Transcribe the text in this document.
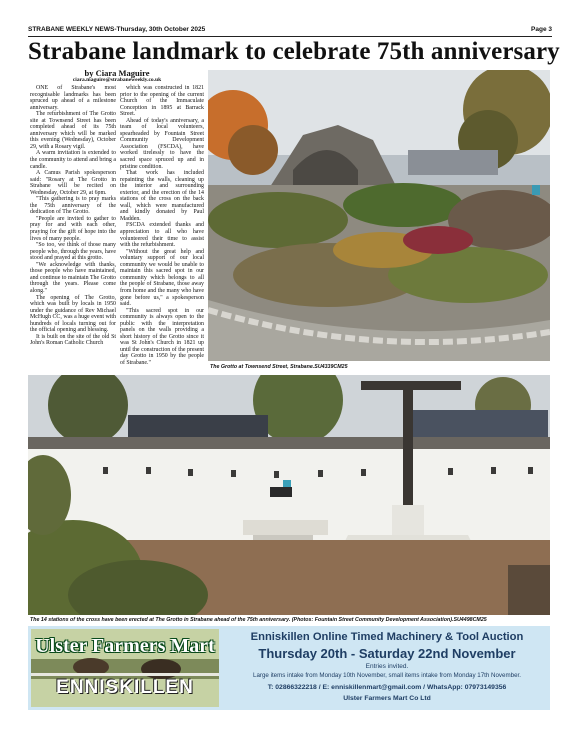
STRABANE WEEKLY NEWS-Thursday, 30th October 2025	Page 3
Strabane landmark to celebrate 75th anniversary
by Ciara Maguire
ciara.maguire@strabaneweekly.co.uk

ONE of Strabane's most recognisable landmarks has been spruced up ahead of a milestone anniversary.

The refurbishment of The Grotto site at Townsend Street has been completed ahead of its 75th anniversary which will be marked this evening (Wednesday), October 29, with a Rosary vigil.

A warm invitation is extended to the community to attend and bring a candle.

A Camus Parish spokesperson said: "Rosary at The Grotto in Strabane will be recited on Wednesday, October 29, at 6pm.

"This gathering is to pray marks the 75th anniversary of the dedication of The Grotto.

"People are invited to gather to pray for and with each other, praying for the gift of hope into the lives of many people.

"So too, we think of those many people who, through the years, have stood and prayed at this grotto.

"We acknowledge with thanks, those people who have maintained, and continue to maintain The Grotto through the years. Please come along."

The opening of The Grotto, which was built by locals in 1950 under the guidance of Rev Michael McHugh CC, was a huge event with hundreds of locals turning out for the official opening and blessing.

It is built on the site of the old St John's Roman Catholic Church

which was constructed in 1821 prior to the opening of the current Church of the Immaculate Conception in 1895 at Barrack Street.

Ahead of today's anniversary, a team of local volunteers, spearheaded by Fountain Street Community Development Association (FSCDA), have worked tirelessly to have the sacred space spruced up and in pristine condition.

That work has included repainting the walls, cleaning up the interior and surrounding exterior, and the erection of the 14 stations of the cross on the back wall, which were manufactured and kindly donated by Paul Madden.

FSCDA extended thanks and appreciation to all who have volunteered their time to assist with the refurbishment.

"Without the great help and voluntary support of our local community we would be unable to maintain this sacred spot in our community which belongs to all the people of Strabane, those away from home and the many who have gone before us," a spokesperson said.

"This sacred spot in our community is always open to the public with the interpretation panels on the walls providing a short history of the Grotto since it was St John's Church in 1821 up until the construction of the present day Grotto in 1950 by the people of Strabane."

The Grotto at Townsend Street, Strabane.SU4339CM25
The 14 stations of the cross have been erected at The Grotto in Strabane ahead of the 75th anniversary. (Photos: Fountain Street Community Development Association).SU4498CM25
Ulster Farmers Mart
ENNISKILLEN
Enniskillen Online Timed Machinery & Tool Auction
Thursday 20th - Saturday 22nd November
Entries invited.
Large items intake from Monday 10th November, small items intake from Monday 17th November.
T: 02866322218 / E: enniskillenmart@gmail.com / WhatsApp: 07973149356
Ulster Farmers Mart Co Ltd
